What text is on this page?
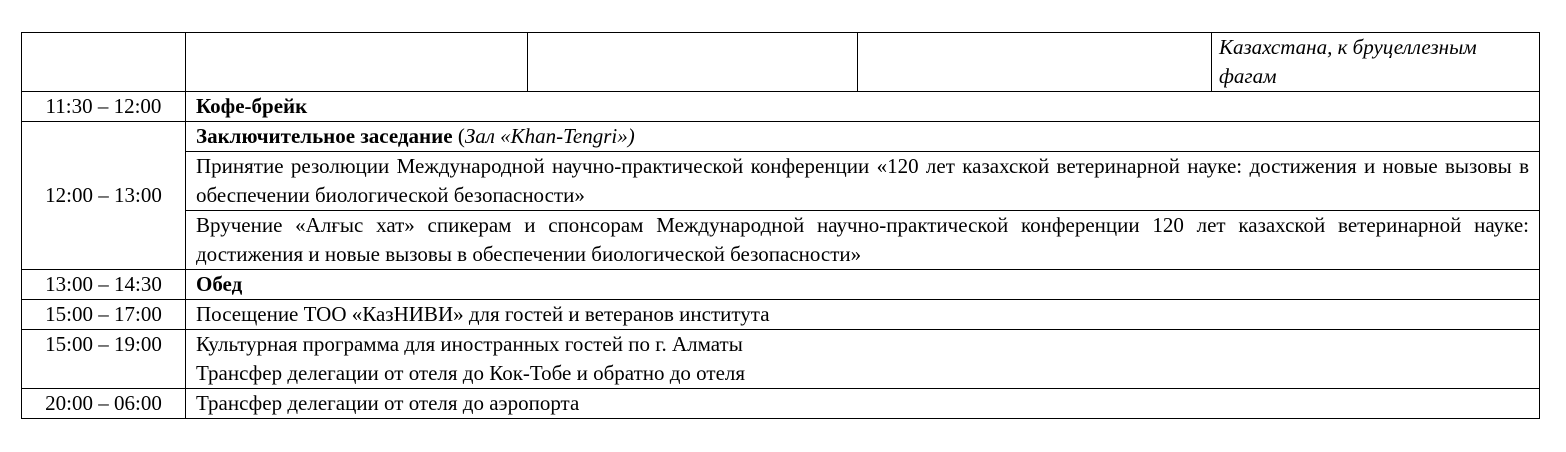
				Казахстана, к бруцеллезным
фагам

11:30 – 12:00	Кофе-брейк			
12:00 – 13:00	Заключительное заседание (Зал «Khan-Tengri»)			
	Принятие резолюции Международной научно-практической конференции «120 лет казахской ветеринарной науке: достижения и новые вызовы в обеспечении биологической безопасности»			
	Вручение «Алғыс хат» спикерам и спонсорам Международной научно-практической конференции 120 лет казахской ветеринарной науке: достижения и новые вызовы в обеспечении биологической безопасности»			
13:00 – 14:30	Обед			
15:00 – 17:00	Посещение ТОО «КазНИВИ» для гостей и ветеранов института			
15:00 – 19:00	Культурная программа для иностранных гостей по г. Алматы
Трансфер делегации от отеля до Кок-Тобе и обратно до отеля			

20:00 – 06:00	Трансфер делегации от отеля до аэропорта			
